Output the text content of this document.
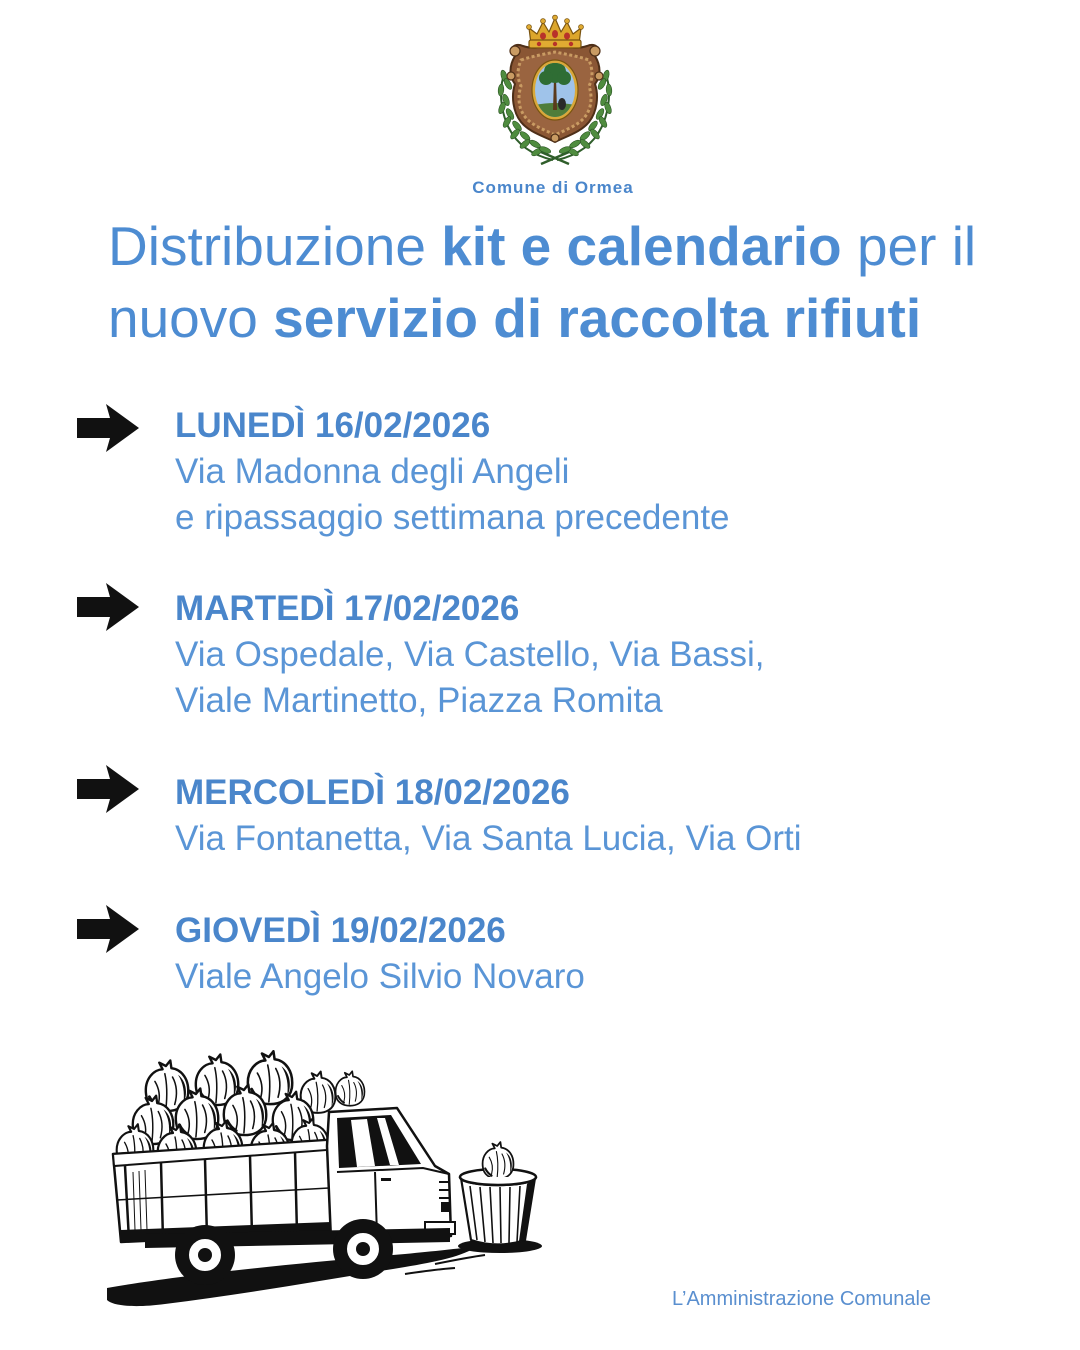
Comune di Ormea
Distribuzione kit e calendario per il
nuovo servizio di raccolta rifiuti
LUNEDÌ 16/02/2026
Via Madonna degli Angeli
e ripassaggio settimana precedente
MARTEDÌ 17/02/2026
Via Ospedale, Via Castello, Via Bassi,
Viale Martinetto, Piazza Romita
MERCOLEDÌ 18/02/2026
Via Fontanetta, Via Santa Lucia, Via Orti
GIOVEDÌ 19/02/2026
Viale Angelo Silvio Novaro
L’Amministrazione Comunale
